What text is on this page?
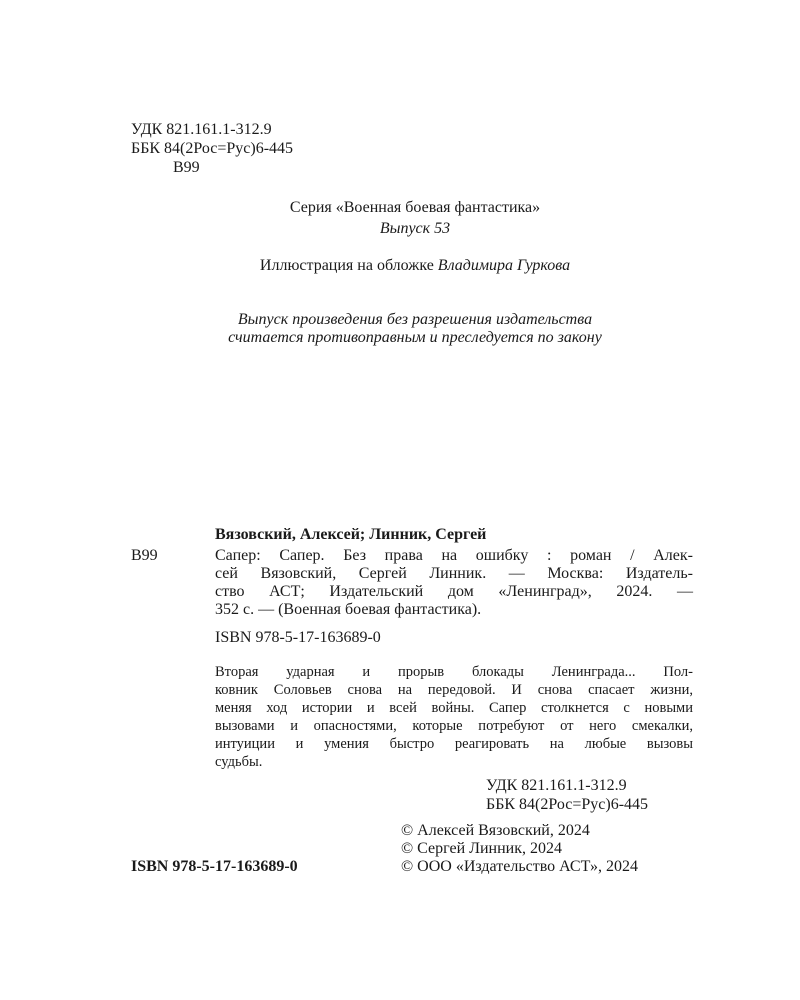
УДК 821.161.1-312.9
ББК 84(2Рос=Рус)6-445
В99
Серия «Военная боевая фантастика»
Выпуск 53
Иллюстрация на обложке Владимира Гуркова
Выпуск произведения без разрешения издательства
считается противоправным и преследуется по закону
Вязовский, Алексей; Линник, Сергей
В99	Сапер: Сапер. Без права на ошибку : роман / Алек-
сей Вязовский, Сергей Линник. — Москва: Издатель-
ство АСТ; Издательский дом «Ленинград», 2024. —
352 с. — (Военная боевая фантастика).
ISBN 978-5-17-163689-0
Вторая ударная и прорыв блокады Ленинграда... Пол-
ковник Соловьев снова на передовой. И снова спасает жизни,
меняя ход истории и всей войны. Сапер столкнется с новыми
вызовами и опасностями, которые потребуют от него смекалки,
интуиции и умения быстро реагировать на любые вызовы
судьбы.
УДК 821.161.1-312.9
ББК 84(2Рос=Рус)6-445
© Алексей Вязовский, 2024
© Сергей Линник, 2024
© ООО «Издательство АСТ», 2024
ISBN 978-5-17-163689-0
